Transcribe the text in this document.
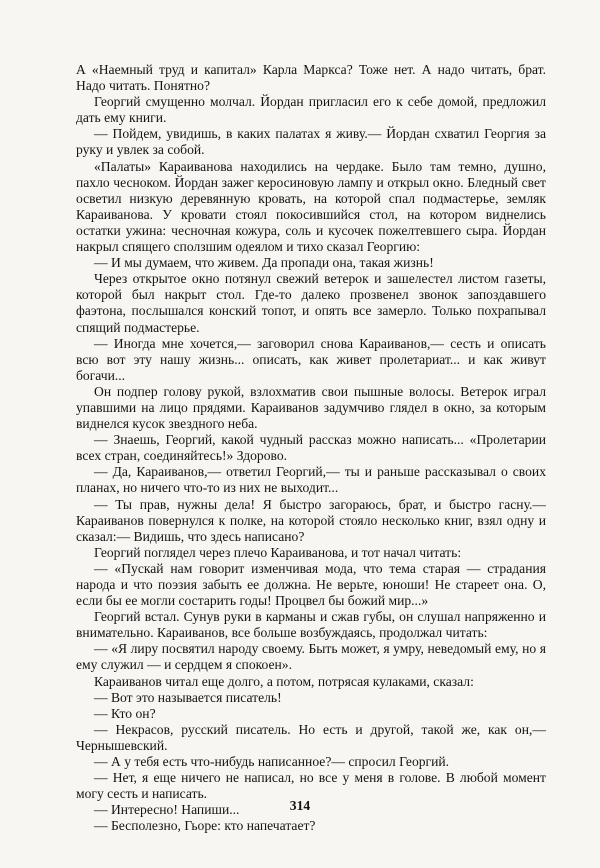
А «Наемный труд и капитал» Карла Маркса? Тоже нет. А надо читать, брат. Надо читать. Понятно?

Георгий смущенно молчал. Йордан пригласил его к себе домой, предложил дать ему книги.

— Пойдем, увидишь, в каких палатах я живу.— Йордан схватил Георгия за руку и увлек за собой.

«Палаты» Караиванова находились на чердаке. Было там темно, душно, пахло чесноком. Йордан зажег керосиновую лампу и открыл окно. Бледный свет осветил низкую деревянную кровать, на которой спал подмастерье, земляк Караиванова. У кровати стоял покосившийся стол, на котором виднелись остатки ужина: чесночная кожура, соль и кусочек пожелтевшего сыра. Йордан накрыл спящего сползшим одеялом и тихо сказал Георгию:

— И мы думаем, что живем. Да пропади она, такая жизнь!

Через открытое окно потянул свежий ветерок и зашелестел листом газеты, которой был накрыт стол. Где-то далеко прозвенел звонок запоздавшего фаэтона, послышался конский топот, и опять все замерло. Только похрапывал спящий подмастерье.

— Иногда мне хочется,— заговорил снова Караиванов,— сесть и описать всю вот эту нашу жизнь... описать, как живет пролетариат... и как живут богачи...

Он подпер голову рукой, взлохматив свои пышные волосы. Ветерок играл упавшими на лицо прядями. Караиванов задумчиво глядел в окно, за которым виднелся кусок звездного неба.

— Знаешь, Георгий, какой чудный рассказ можно написать... «Пролетарии всех стран, соединяйтесь!» Здорово.

— Да, Караиванов,— ответил Георгий,— ты и раньше рассказывал о своих планах, но ничего что-то из них не выходит...

— Ты прав, нужны дела! Я быстро загораюсь, брат, и быстро гасну.— Караиванов повернулся к полке, на которой стояло несколько книг, взял одну и сказал:— Видишь, что здесь написано?

Георгий поглядел через плечо Караиванова, и тот начал читать:

— «Пускай нам говорит изменчивая мода, что тема старая — страдания народа и что поэзия забыть ее должна. Не верьте, юноши! Не стареет она. О, если бы ее могли состарить годы! Процвел бы божий мир...»

Георгий встал. Сунув руки в карманы и сжав губы, он слушал напряженно и внимательно. Караиванов, все больше возбуждаясь, продолжал читать:

— «Я лиру посвятил народу своему. Быть может, я умру, неведомый ему, но я ему служил — и сердцем я спокоен».

Караиванов читал еще долго, а потом, потрясая кулаками, сказал:

— Вот это называется писатель!

— Кто он?

— Некрасов, русский писатель. Но есть и другой, такой же, как он,— Чернышевский.

— А у тебя есть что-нибудь написанное?— спросил Георгий.

— Нет, я еще ничего не написал, но все у меня в голове. В любой момент могу сесть и написать.

— Интересно! Напиши...

— Бесполезно, Гьоре: кто напечатает?

314
